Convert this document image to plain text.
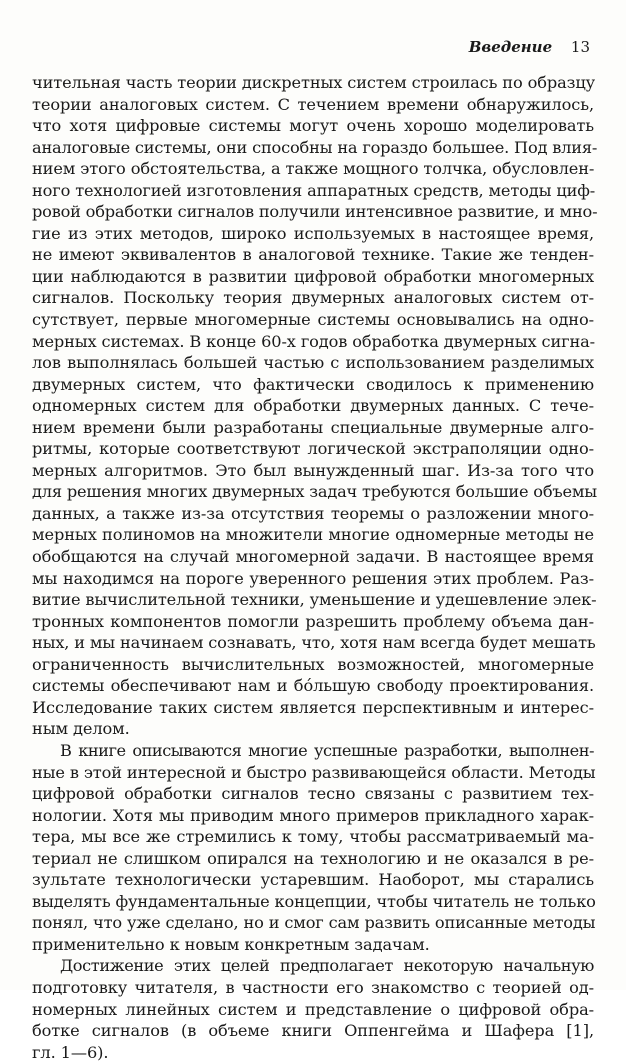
Введение 13
чительная часть теории дискретных систем строилась по образцу
теории аналоговых систем. С течением времени обнаружилось,
что хотя цифровые системы могут очень хорошо моделировать
аналоговые системы, они способны на гораздо большее. Под влия-
нием этого обстоятельства, а также мощного толчка, обусловлен-
ного технологией изготовления аппаратных средств, методы циф-
ровой обработки сигналов получили интенсивное развитие, и мно-
гие из этих методов, широко используемых в настоящее время,
не имеют эквивалентов в аналоговой технике. Такие же тенден-
ции наблюдаются в развитии цифровой обработки многомерных
сигналов. Поскольку теория двумерных аналоговых систем от-
сутствует, первые многомерные системы основывались на одно-
мерных системах. В конце 60-х годов обработка двумерных сигна-
лов выполнялась большей частью с использованием разделимых
двумерных систем, что фактически сводилось к применению
одномерных систем для обработки двумерных данных. С тече-
нием времени были разработаны специальные двумерные алго-
ритмы, которые соответствуют логической экстраполяции одно-
мерных алгоритмов. Это был вынужденный шаг. Из-за того что
для решения многих двумерных задач требуются большие объемы
данных, а также из-за отсутствия теоремы о разложении много-
мерных полиномов на множители многие одномерные методы не
обобщаются на случай многомерной задачи. В настоящее время
мы находимся на пороге уверенного решения этих проблем. Раз-
витие вычислительной техники, уменьшение и удешевление элек-
тронных компонентов помогли разрешить проблему объема дан-
ных, и мы начинаем сознавать, что, хотя нам всегда будет мешать
ограниченность вычислительных возможностей, многомерные
системы обеспечивают нам и бóльшую свободу проектирования.
Исследование таких систем является перспективным и интерес-
ным делом.
В книге описываются многие успешные разработки, выполнен-
ные в этой интересной и быстро развивающейся области. Методы
цифровой обработки сигналов тесно связаны с развитием тех-
нологии. Хотя мы приводим много примеров прикладного харак-
тера, мы все же стремились к тому, чтобы рассматриваемый ма-
териал не слишком опирался на технологию и не оказался в ре-
зультате технологически устаревшим. Наоборот, мы старались
выделять фундаментальные концепции, чтобы читатель не только
понял, что уже сделано, но и смог сам развить описанные методы
применительно к новым конкретным задачам.
Достижение этих целей предполагает некоторую начальную
подготовку читателя, в частности его знакомство с теорией од-
номерных линейных систем и представление о цифровой обра-
ботке сигналов (в объеме книги Оппенгейма и Шафера [1],
гл. 1—6).
